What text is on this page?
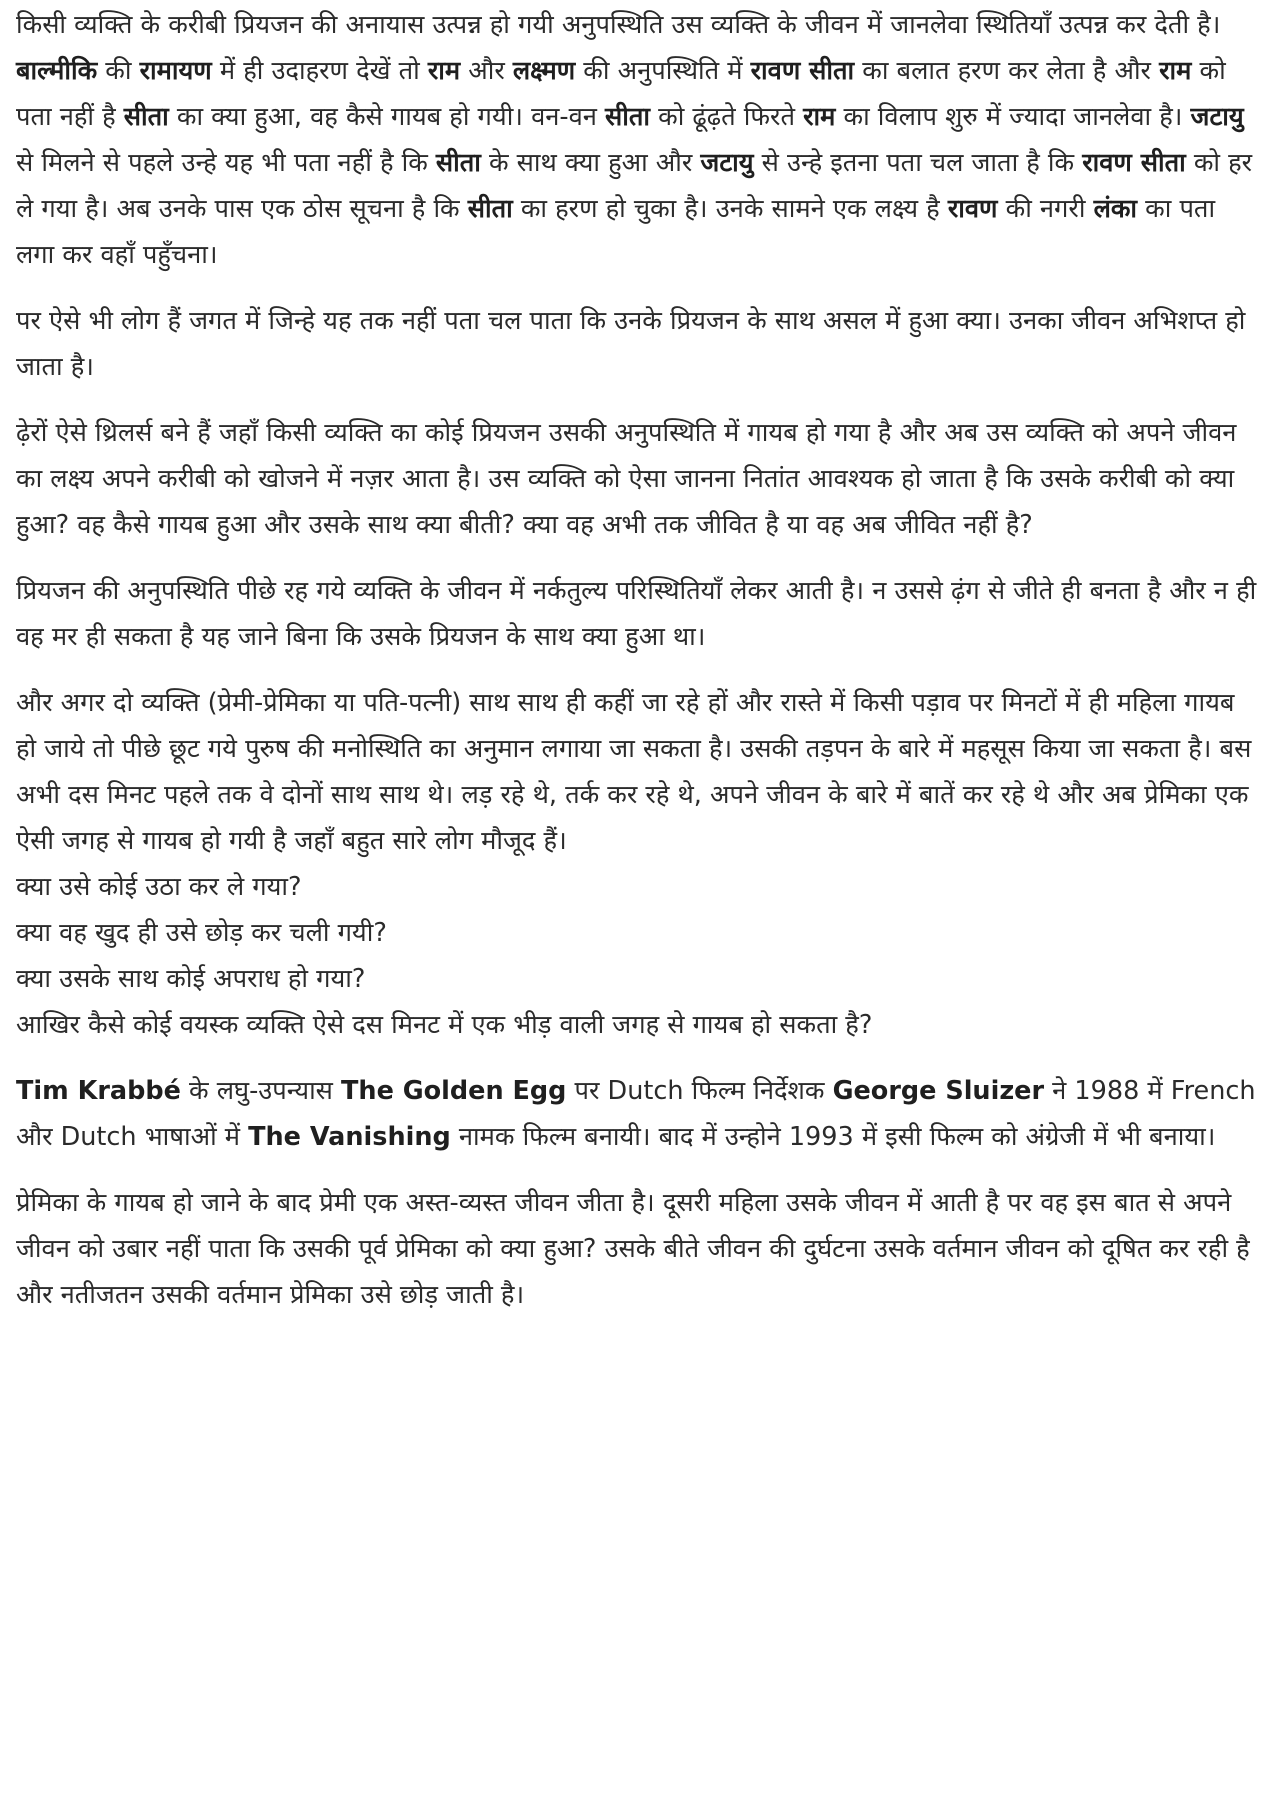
किसी व्यक्ति के करीबी प्रियजन की अनायास उत्पन्न हो गयी अनुपस्थिति उस व्यक्ति के जीवन में जानलेवा स्थितियाँ उत्पन्न कर देती है। बाल्मीकि की रामायण में ही उदाहरण देखें तो राम और लक्ष्मण की अनुपस्थिति में रावण सीता का बलात हरण कर लेता है और राम को पता नहीं है सीता का क्या हुआ, वह कैसे गायब हो गयी। वन-वन सीता को ढूंढ़ते फिरते राम का विलाप शुरु में ज्यादा जानलेवा है। जटायु से मिलने से पहले उन्हे यह भी पता नहीं है कि सीता के साथ क्या हुआ और जटायु से उन्हे इतना पता चल जाता है कि रावण सीता को हर ले गया है। अब उनके पास एक ठोस सूचना है कि सीता का हरण हो चुका है। उनके सामने एक लक्ष्य है रावण की नगरी लंका का पता लगा कर वहाँ पहुँचना।

पर ऐसे भी लोग हैं जगत में जिन्हे यह तक नहीं पता चल पाता कि उनके प्रियजन के साथ असल में हुआ क्या। उनका जीवन अभिशप्त हो जाता है।

ढ़ेरों ऐसे थ्रिलर्स बने हैं जहाँ किसी व्यक्ति का कोई प्रियजन उसकी अनुपस्थिति में गायब हो गया है और अब उस व्यक्ति को अपने जीवन का लक्ष्य अपने करीबी को खोजने में नज़र आता है। उस व्यक्ति को ऐसा जानना नितांत आवश्यक हो जाता है कि उसके करीबी को क्या हुआ? वह कैसे गायब हुआ और उसके साथ क्या बीती? क्या वह अभी तक जीवित है या वह अब जीवित नहीं है?

प्रियजन की अनुपस्थिति पीछे रह गये व्यक्ति के जीवन में नर्कतुल्य परिस्थितियाँ लेकर आती है। न उससे ढ़ंग से जीते ही बनता है और न ही वह मर ही सकता है यह जाने बिना कि उसके प्रियजन के साथ क्या हुआ था।

और अगर दो व्यक्ति (प्रेमी-प्रेमिका या पति-पत्नी) साथ साथ ही कहीं जा रहे हों और रास्ते में किसी पड़ाव पर मिनटों में ही महिला गायब हो जाये तो पीछे छूट गये पुरुष की मनोस्थिति का अनुमान लगाया जा सकता है। उसकी तड़पन के बारे में महसूस किया जा सकता है। बस अभी दस मिनट पहले तक वे दोनों साथ साथ थे। लड़ रहे थे, तर्क कर रहे थे, अपने जीवन के बारे में बातें कर रहे थे और अब प्रेमिका एक ऐसी जगह से गायब हो गयी है जहाँ बहुत सारे लोग मौजूद हैं।
क्या उसे कोई उठा कर ले गया?
क्या वह खुद ही उसे छोड़ कर चली गयी?
क्या उसके साथ कोई अपराध हो गया?
आखिर कैसे कोई वयस्क व्यक्ति ऐसे दस मिनट में एक भीड़ वाली जगह से गायब हो सकता है?

Tim Krabbé के लघु-उपन्यास The Golden Egg पर Dutch फिल्म निर्देशक George Sluizer ने 1988 में French और Dutch भाषाओं में The Vanishing नामक फिल्म बनायी। बाद में उन्होने 1993 में इसी फिल्म को अंग्रेजी में भी बनाया।

प्रेमिका के गायब हो जाने के बाद प्रेमी एक अस्त-व्यस्त जीवन जीता है। दूसरी महिला उसके जीवन में आती है पर वह इस बात से अपने जीवन को उबार नहीं पाता कि उसकी पूर्व प्रेमिका को क्या हुआ? उसके बीते जीवन की दुर्घटना उसके वर्तमान जीवन को दूषित कर रही है और नतीजतन उसकी वर्तमान प्रेमिका उसे छोड़ जाती है।
